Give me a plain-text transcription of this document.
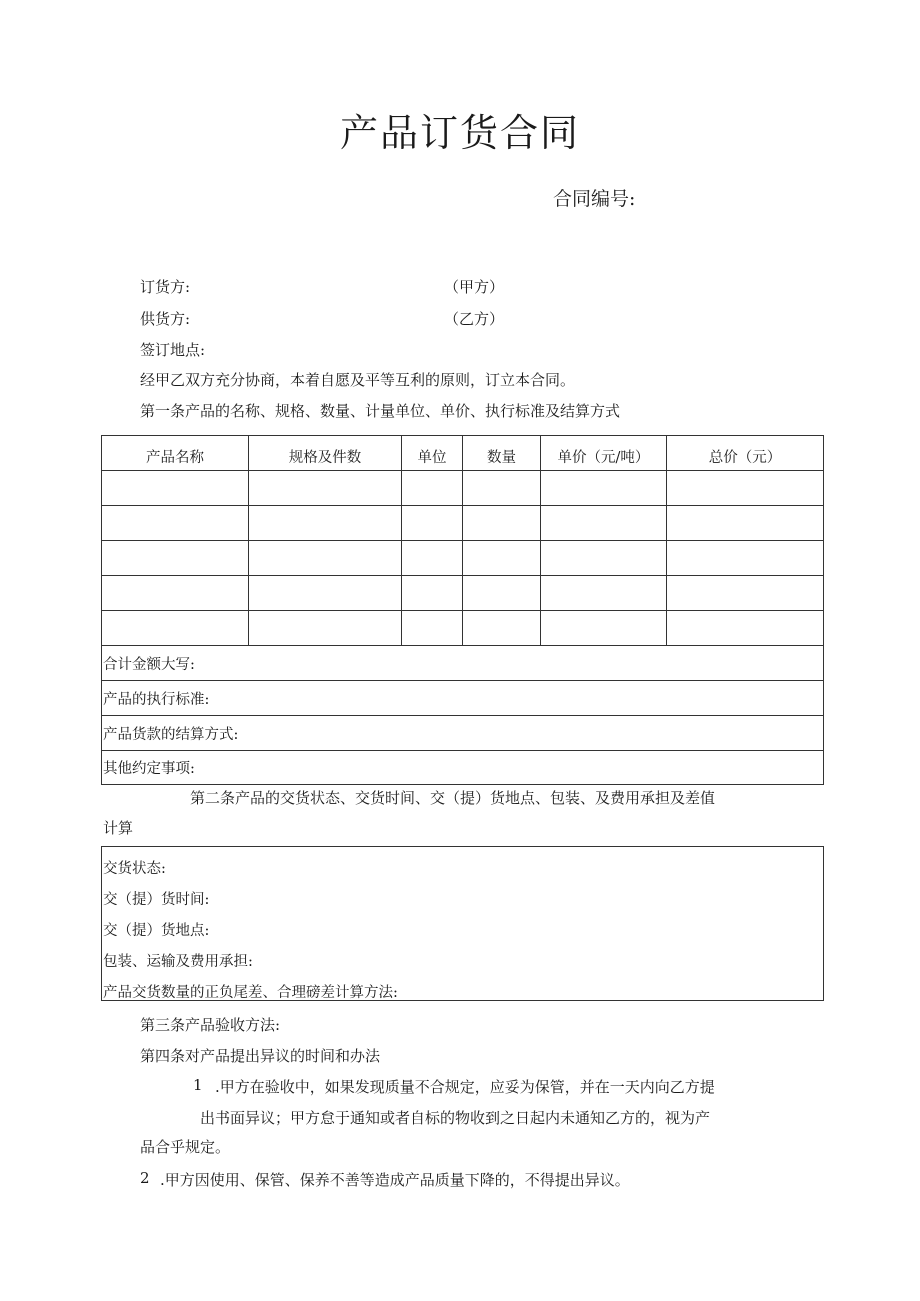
产品订货合同
合同编号:
订货方:	（甲方）
供货方:	（乙方）
签订地点:
经甲乙双方充分协商，本着自愿及平等互利的原则，订立本合同。
第一条产品的名称、规格、数量、计量单位、单价、执行标准及结算方式
产品名称	规格及件数	单位	数量	单价（元/吨）	总价（元）

合计金额大写:					
产品的执行标准:					
产品货款的结算方式:					
其他约定事项:					
第二条产品的交货状态、交货时间、交（提）货地点、包装、及费用承担及差值
计算
交货状态:
交（提）货时间:
交（提）货地点:
包装、运输及费用承担:
产品交货数量的正负尾差、合理磅差计算方法:
第三条产品验收方法:
第四条对产品提出异议的时间和办法
1 .甲方在验收中，如果发现质量不合规定，应妥为保管，并在一天内向乙方提
出书面异议；甲方怠于通知或者自标的物收到之日起内未通知乙方的，视为产
品合乎规定。
2 .甲方因使用、保管、保养不善等造成产品质量下降的，不得提出异议。
